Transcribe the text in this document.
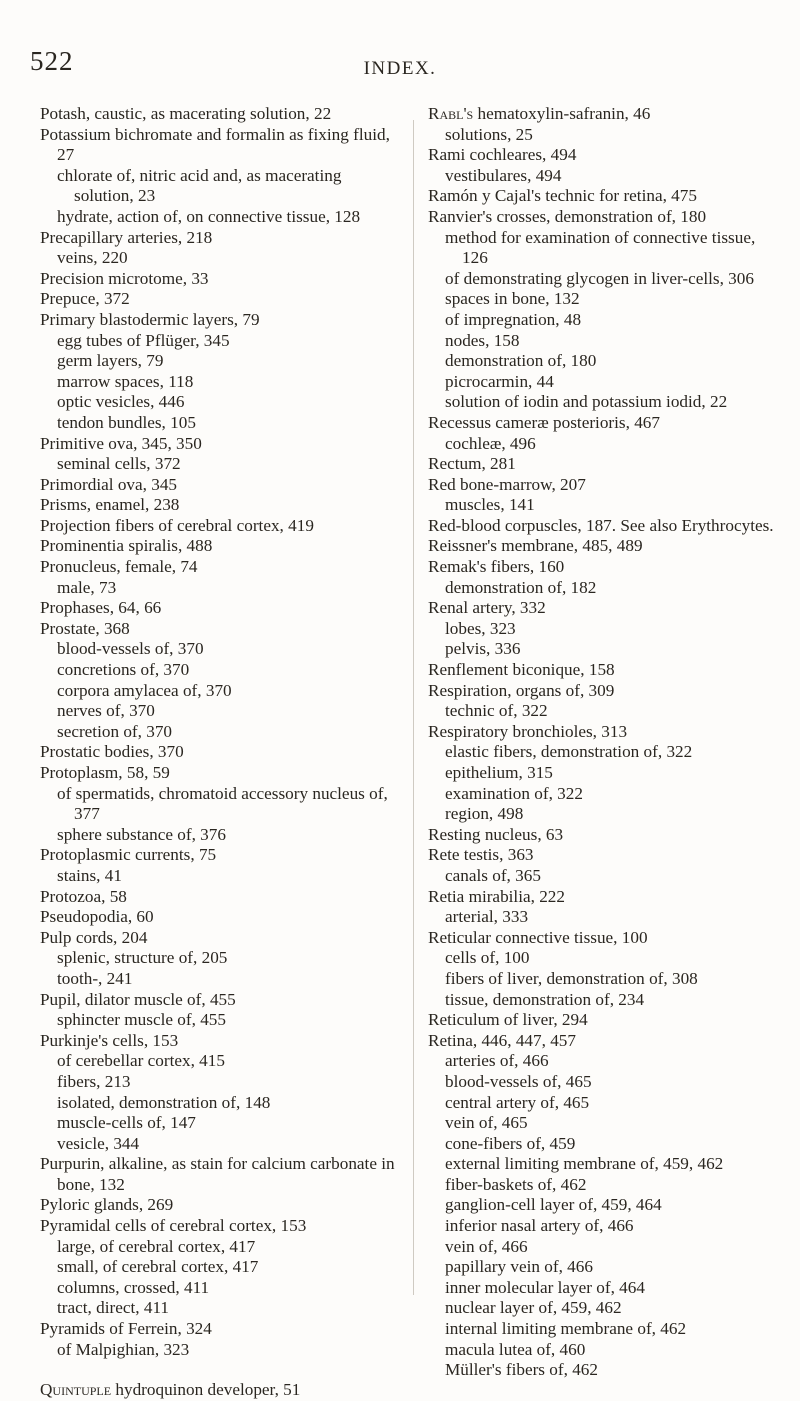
522	INDEX.
Potash, caustic, as macerating solution, 22
Potassium bichromate and formalin as fixing fluid, 27
chlorate of, nitric acid and, as macerating solution, 23
hydrate, action of, on connective tissue, 128
Precapillary arteries, 218
veins, 220
Precision microtome, 33
Prepuce, 372
Primary blastodermic layers, 79
egg tubes of Pflüger, 345
germ layers, 79
marrow spaces, 118
optic vesicles, 446
tendon bundles, 105
Primitive ova, 345, 350
seminal cells, 372
Primordial ova, 345
Prisms, enamel, 238
Projection fibers of cerebral cortex, 419
Prominentia spiralis, 488
Pronucleus, female, 74
male, 73
Prophases, 64, 66
Prostate, 368
blood-vessels of, 370
concretions of, 370
corpora amylacea of, 370
nerves of, 370
secretion of, 370
Prostatic bodies, 370
Protoplasm, 58, 59
of spermatids, chromatoid accessory nucleus of, 377
sphere substance of, 376
Protoplasmic currents, 75
stains, 41
Protozoa, 58
Pseudopodia, 60
Pulp cords, 204
splenic, structure of, 205
tooth-, 241
Pupil, dilator muscle of, 455
sphincter muscle of, 455
Purkinje's cells, 153
of cerebellar cortex, 415
fibers, 213
isolated, demonstration of, 148
muscle-cells of, 147
vesicle, 344
Purpurin, alkaline, as stain for calcium carbonate in bone, 132
Pyloric glands, 269
Pyramidal cells of cerebral cortex, 153
large, of cerebral cortex, 417
small, of cerebral cortex, 417
columns, crossed, 411
tract, direct, 411
Pyramids of Ferrein, 324
of Malpighian, 323
Quintuple hydroquinon developer, 51
Rabl's hematoxylin-safranin, 46
solutions, 25
Rami cochleares, 494
vestibulares, 494
Ramón y Cajal's technic for retina, 475
Ranvier's crosses, demonstration of, 180
method for examination of connective tissue, 126
of demonstrating glycogen in liver-cells, 306
spaces in bone, 132
of impregnation, 48
nodes, 158
demonstration of, 180
picrocarmin, 44
solution of iodin and potassium iodid, 22
Recessus cameræ posterioris, 467
cochleæ, 496
Rectum, 281
Red bone-marrow, 207
muscles, 141
Red-blood corpuscles, 187. See also Erythrocytes.
Reissner's membrane, 485, 489
Remak's fibers, 160
demonstration of, 182
Renal artery, 332
lobes, 323
pelvis, 336
Renflement biconique, 158
Respiration, organs of, 309
technic of, 322
Respiratory bronchioles, 313
elastic fibers, demonstration of, 322
epithelium, 315
examination of, 322
region, 498
Resting nucleus, 63
Rete testis, 363
canals of, 365
Retia mirabilia, 222
arterial, 333
Reticular connective tissue, 100
cells of, 100
fibers of liver, demonstration of, 308
tissue, demonstration of, 234
Reticulum of liver, 294
Retina, 446, 447, 457
arteries of, 466
blood-vessels of, 465
central artery of, 465
vein of, 465
cone-fibers of, 459
external limiting membrane of, 459, 462
fiber-baskets of, 462
ganglion-cell layer of, 459, 464
inferior nasal artery of, 466
vein of, 466
papillary vein of, 466
inner molecular layer of, 464
nuclear layer of, 459, 462
internal limiting membrane of, 462
macula lutea of, 460
Müller's fibers of, 462
